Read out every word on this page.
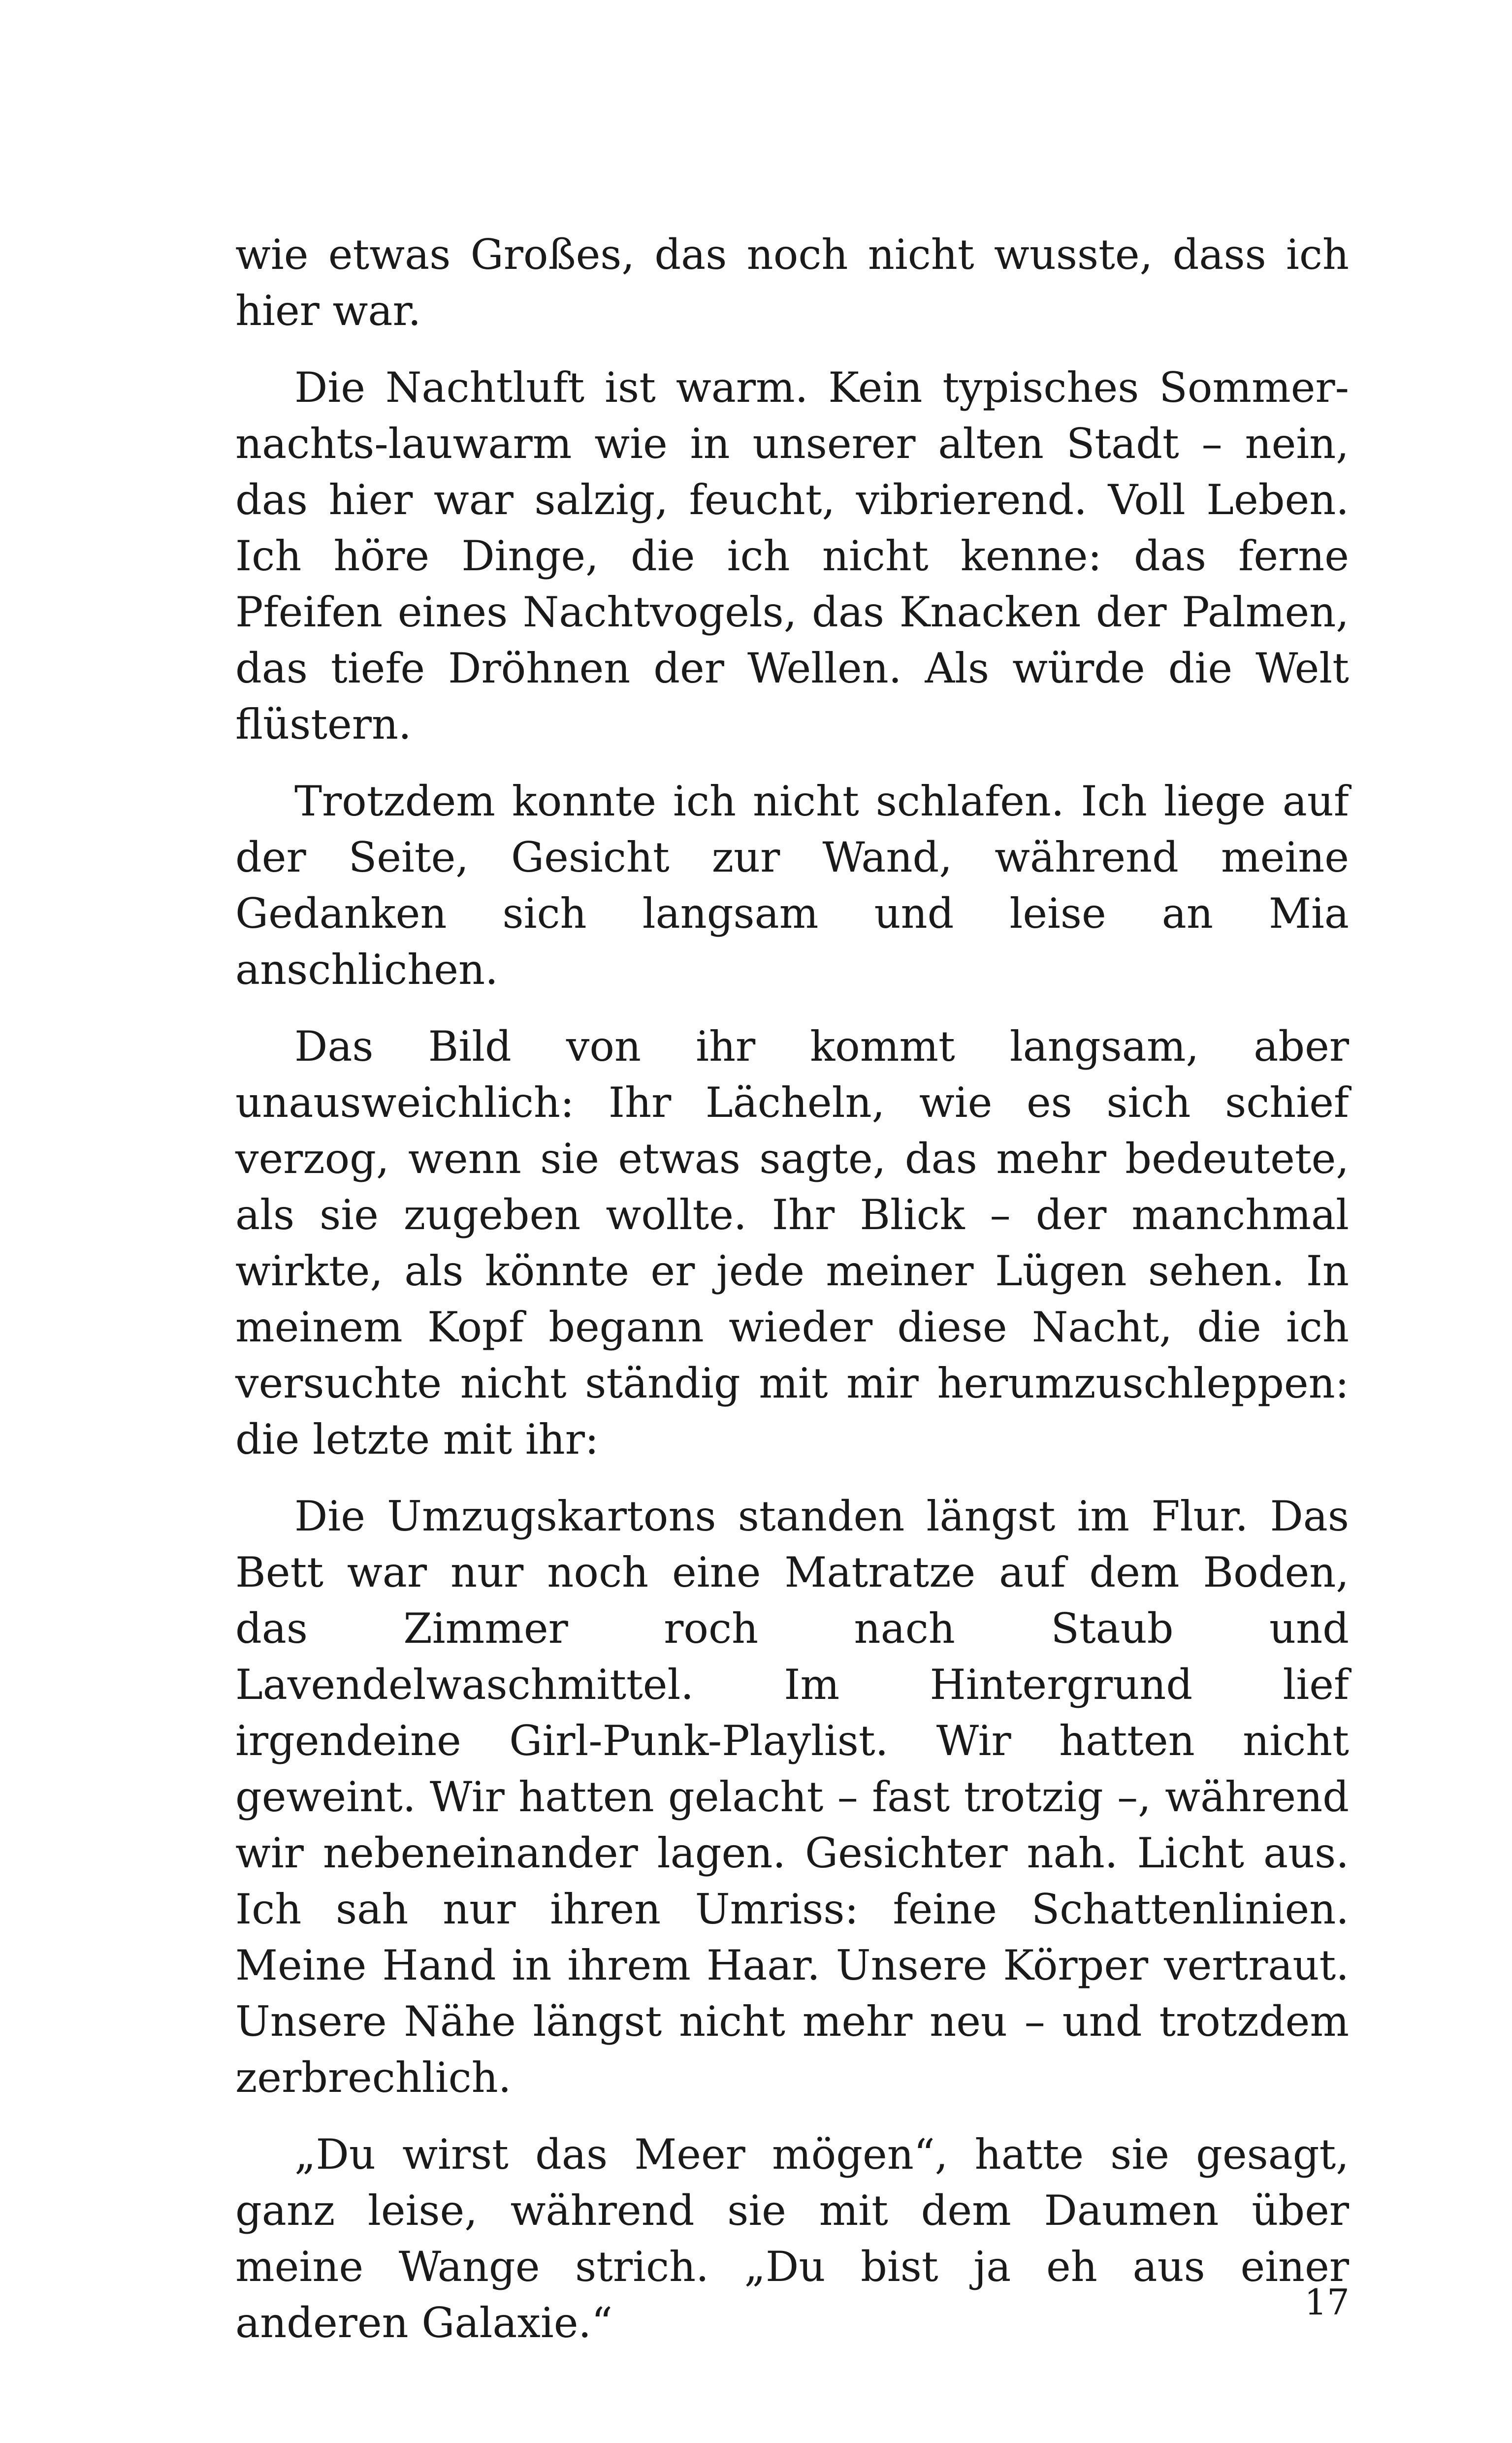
wie etwas Großes, das noch nicht wusste, dass ich hier war.

Die Nachtluft ist warm. Kein typisches Sommernachts-lauwarm wie in unserer alten Stadt – nein, das hier war salzig, feucht, vibrierend. Voll Leben. Ich höre Dinge, die ich nicht kenne: das ferne Pfeifen eines Nachtvogels, das Knacken der Palmen, das tiefe Dröhnen der Wellen. Als würde die Welt flüstern.

Trotzdem konnte ich nicht schlafen. Ich liege auf der Seite, Gesicht zur Wand, während meine Gedanken sich langsam und leise an Mia anschlichen.

Das Bild von ihr kommt langsam, aber unausweichlich: Ihr Lächeln, wie es sich schief verzog, wenn sie etwas sagte, das mehr bedeutete, als sie zugeben wollte. Ihr Blick – der manchmal wirkte, als könnte er jede meiner Lügen sehen. In meinem Kopf begann wieder diese Nacht, die ich versuchte nicht ständig mit mir herumzuschleppen: die letzte mit ihr:

Die Umzugskartons standen längst im Flur. Das Bett war nur noch eine Matratze auf dem Boden, das Zimmer roch nach Staub und Lavendelwaschmittel. Im Hintergrund lief irgendeine Girl-Punk-Playlist. Wir hatten nicht geweint. Wir hatten gelacht – fast trotzig –, während wir nebeneinander lagen. Gesichter nah. Licht aus. Ich sah nur ihren Umriss: feine Schattenlinien. Meine Hand in ihrem Haar. Unsere Körper vertraut. Unsere Nähe längst nicht mehr neu – und trotzdem zerbrechlich.

„Du wirst das Meer mögen“, hatte sie gesagt, ganz leise, während sie mit dem Daumen über meine Wange strich. „Du bist ja eh aus einer anderen Galaxie.“	17
